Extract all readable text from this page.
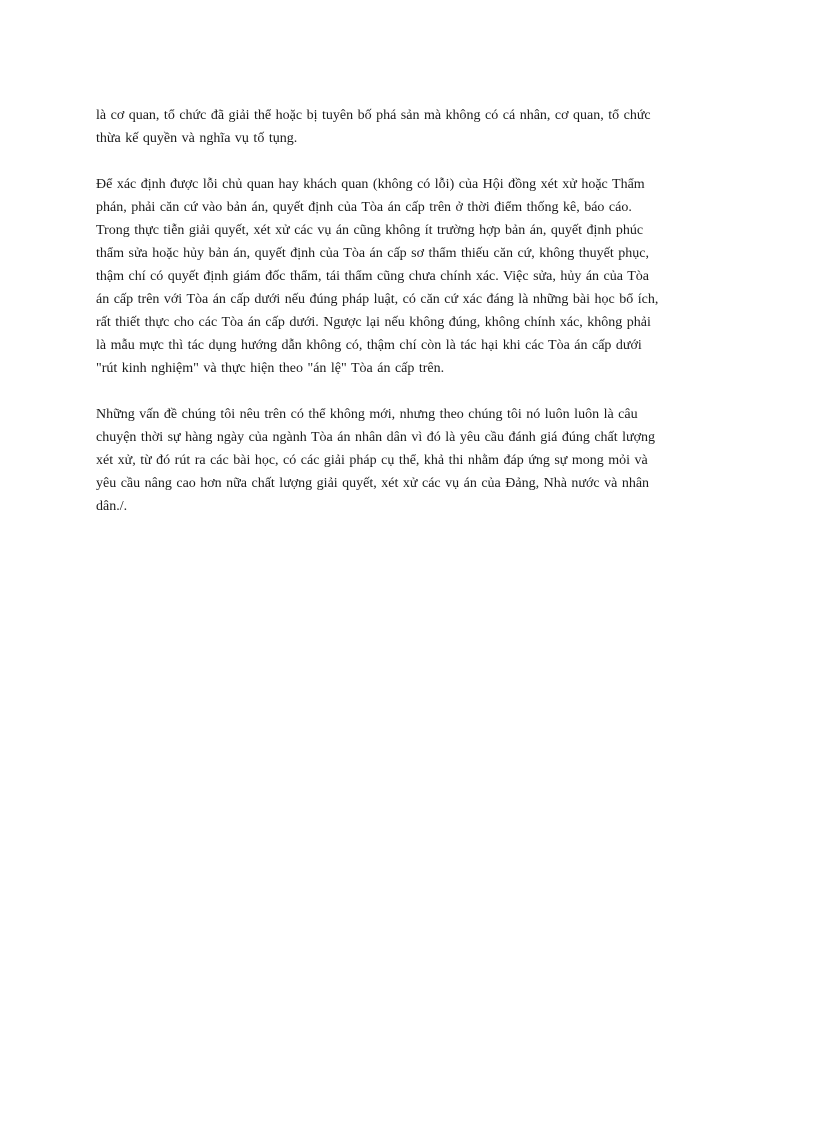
là cơ quan, tổ chức đã giải thể hoặc bị tuyên bố phá sản mà không có cá nhân, cơ quan, tổ chức
thừa kế quyền và nghĩa vụ tố tụng.

Để xác định được lỗi chủ quan hay khách quan (không có lỗi) của Hội đồng xét xử hoặc Thẩm
phán, phải căn cứ vào bản án, quyết định của Tòa án cấp trên ở thời điểm thống kê, báo cáo.
Trong thực tiễn giải quyết, xét xử các vụ án cũng không ít trường hợp bản án, quyết định phúc
thẩm sửa hoặc hủy bản án, quyết định của Tòa án cấp sơ thẩm thiếu căn cứ, không thuyết phục,
thậm chí có quyết định giám đốc thẩm, tái thẩm cũng chưa chính xác. Việc sửa, hủy án của Tòa
án cấp trên với Tòa án cấp dưới nếu đúng pháp luật, có căn cứ xác đáng là những bài học bổ ích,
rất thiết thực cho các Tòa án cấp dưới. Ngược lại nếu không đúng, không chính xác, không phải
là mẫu mực thì tác dụng hướng dẫn không có, thậm chí còn là tác hại khi các Tòa án cấp dưới
"rút kinh nghiệm" và thực hiện theo "án lệ" Tòa án cấp trên.

Những vấn đề chúng tôi nêu trên có thể không mới, nhưng theo chúng tôi nó luôn luôn là câu
chuyện thời sự hàng ngày của ngành Tòa án nhân dân vì đó là yêu cầu đánh giá đúng chất lượng
xét xử, từ đó rút ra các bài học, có các giải pháp cụ thể, khả thi nhằm đáp ứng sự mong mỏi và
yêu cầu nâng cao hơn nữa chất lượng giải quyết, xét xử các vụ án của Đảng, Nhà nước và nhân
dân./.
